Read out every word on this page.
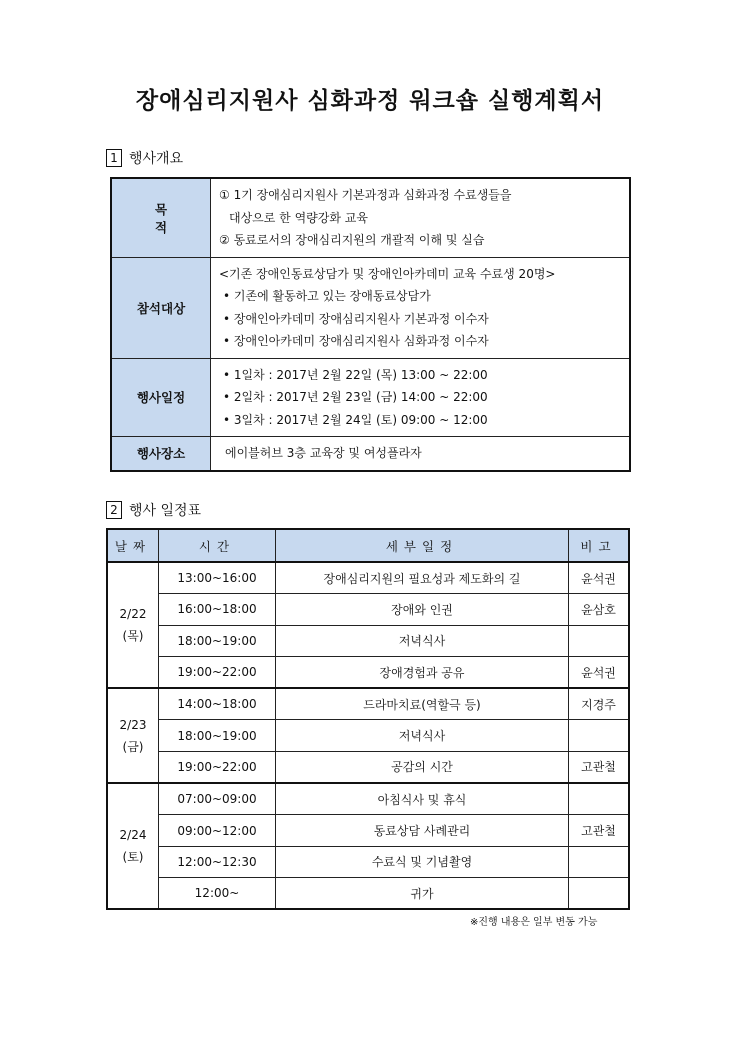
장애심리지원사 심화과정 워크숍 실행계획서
1 행사개요
목적	① 1기 장애심리지원사 기본과정과 심화과정 수료생들을
대상으로 한 역량강화 교육
② 동료로서의 장애심리지원의 개괄적 이해 및 실습

참석대상	<기존 장애인동료상담가 및 장애인아카데미 교육 수료생 20명>
• 기존에 활동하고 있는 장애동료상담가
• 장애인아카데미 장애심리지원사 기본과정 이수자
• 장애인아카데미 장애심리지원사 심화과정 이수자

행사일정	• 1일차 : 2017년 2월 22일 (목) 13:00 ~ 22:00
• 2일차 : 2017년 2월 23일 (금) 14:00 ~ 22:00
• 3일차 : 2017년 2월 24일 (토) 09:00 ~ 12:00

행사장소	에이블허브 3층 교육장 및 여성플라자
2 행사 일정표
날짜	시간	세부일정	비고

2/22
(목)	13:00~16:00	장애심리지원의 필요성과 제도화의 길	윤석권
	16:00~18:00	장애와 인권	윤삼호
	18:00~19:00	저녁식사	
	19:00~22:00	장애경험과 공유	윤석권

2/23
(금)	14:00~18:00	드라마치료(역할극 등)	지경주
	18:00~19:00	저녁식사	
	19:00~22:00	공감의 시간	고관철

2/24
(토)	07:00~09:00	아침식사 및 휴식	
	09:00~12:00	동료상담 사례관리	고관철
	12:00~12:30	수료식 및 기념촬영	
	12:00~	귀가	
※진행 내용은 일부 변동 가능
